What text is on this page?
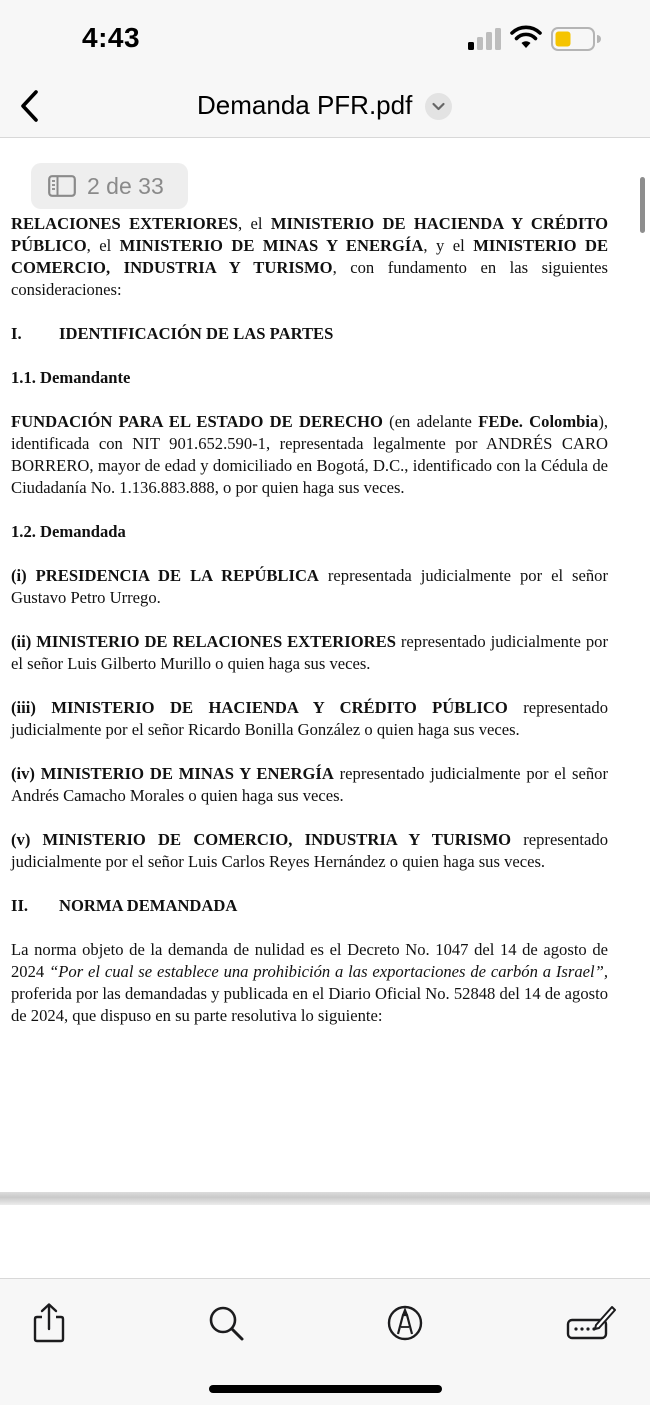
4:43
Demanda PFR.pdf

RELACIONES EXTERIORES, el MINISTERIO DE HACIENDA Y CRÉDITO PÚBLICO, el MINISTERIO DE MINAS Y ENERGÍA, y el MINISTERIO DE COMERCIO, INDUSTRIA Y TURISMO, con fundamento en las siguientes consideraciones:

I. IDENTIFICACIÓN DE LAS PARTES

1.1. Demandante

FUNDACIÓN PARA EL ESTADO DE DERECHO (en adelante FEDe. Colombia), identificada con NIT 901.652.590-1, representada legalmente por ANDRÉS CARO BORRERO, mayor de edad y domiciliado en Bogotá, D.C., identificado con la Cédula de Ciudadanía No. 1.136.883.888, o por quien haga sus veces.

1.2. Demandada

(i) PRESIDENCIA DE LA REPÚBLICA representada judicialmente por el señor Gustavo Petro Urrego.

(ii) MINISTERIO DE RELACIONES EXTERIORES representado judicialmente por el señor Luis Gilberto Murillo o quien haga sus veces.

(iii) MINISTERIO DE HACIENDA Y CRÉDITO PÚBLICO representado judicialmente por el señor Ricardo Bonilla González o quien haga sus veces.

(iv) MINISTERIO DE MINAS Y ENERGÍA representado judicialmente por el señor Andrés Camacho Morales o quien haga sus veces.

(v) MINISTERIO DE COMERCIO, INDUSTRIA Y TURISMO representado judicialmente por el señor Luis Carlos Reyes Hernández o quien haga sus veces.

II. NORMA DEMANDADA

La norma objeto de la demanda de nulidad es el Decreto No. 1047 del 14 de agosto de 2024 “Por el cual se establece una prohibición a las exportaciones de carbón a Israel”, proferida por las demandadas y publicada en el Diario Oficial No. 52848 del 14 de agosto de 2024, que dispuso en su parte resolutiva lo siguiente:

2 de 33
